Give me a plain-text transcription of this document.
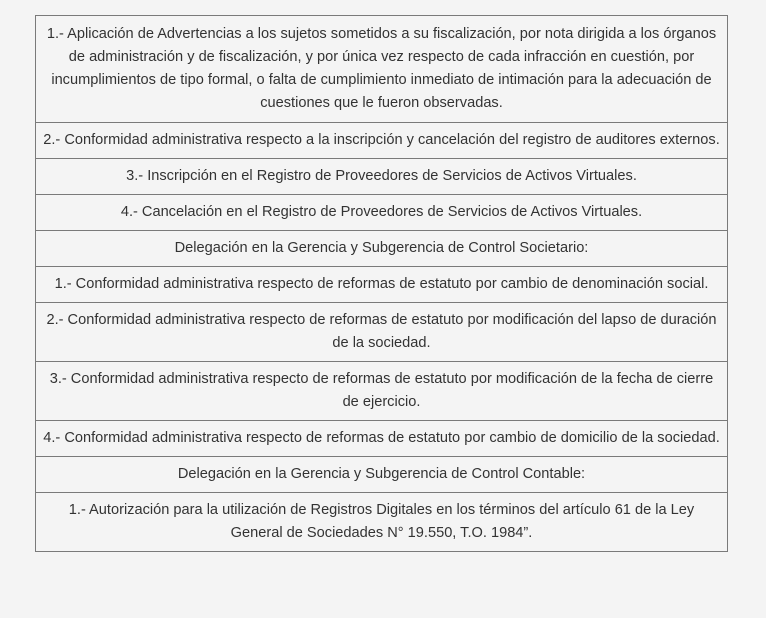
1.- Aplicación de Advertencias a los sujetos sometidos a su fiscalización, por nota dirigida a los órganos de administración y de fiscalización, y por única vez respecto de cada infracción en cuestión, por incumplimientos de tipo formal, o falta de cumplimiento inmediato de intimación para la adecuación de cuestiones que le fueron observadas.
2.- Conformidad administrativa respecto a la inscripción y cancelación del registro de auditores externos.
3.- Inscripción en el Registro de Proveedores de Servicios de Activos Virtuales.
4.- Cancelación en el Registro de Proveedores de Servicios de Activos Virtuales.
Delegación en la Gerencia y Subgerencia de Control Societario:
1.- Conformidad administrativa respecto de reformas de estatuto por cambio de denominación social.
2.- Conformidad administrativa respecto de reformas de estatuto por modificación del lapso de duración de la sociedad.
3.- Conformidad administrativa respecto de reformas de estatuto por modificación de la fecha de cierre de ejercicio.
4.- Conformidad administrativa respecto de reformas de estatuto por cambio de domicilio de la sociedad.
Delegación en la Gerencia y Subgerencia de Control Contable:
1.- Autorización para la utilización de Registros Digitales en los términos del artículo 61 de la Ley General de Sociedades N° 19.550, T.O. 1984”.
